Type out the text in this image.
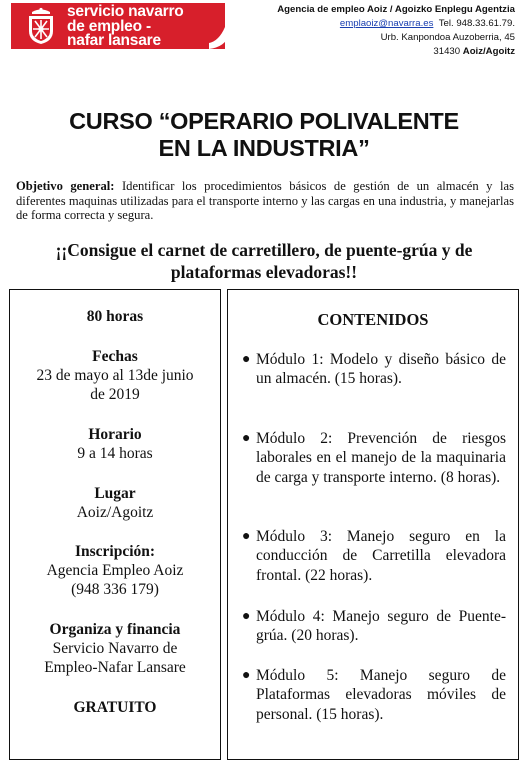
servicio navarro
de empleo -
nafar lansare
Agencia de empleo Aoiz / Agoizko Enplegu Agentzia
emplaoiz@navarra.es Tel. 948.33.61.79.
Urb. Kanpondoa Auzoberria, 45
31430 Aoiz/Agoitz
CURSO “OPERARIO POLIVALENTE
EN LA INDUSTRIA”
Objetivo general: Identificar los procedimientos básicos de gestión de un almacén y las diferentes maquinas utilizadas para el transporte interno y las cargas en una industria, y manejarlas de forma correcta y segura.
¡¡Consigue el carnet de carretillero, de puente-grúa y de
plataformas elevadoras!!
80 horas
Fechas
23 de mayo al 13de junio
de 2019
Horario
9 a 14 horas
Lugar
Aoiz/Agoitz
Inscripción:
Agencia Empleo Aoiz
(948 336 179)
Organiza y financia
Servicio Navarro de
Empleo-Nafar Lansare
GRATUITO
CONTENIDOS
● Módulo 1: Modelo y diseño básico de un almacén. (15 horas).
● Módulo 2: Prevención de riesgos laborales en el manejo de la maquinaria de carga y transporte interno. (8 horas).
● Módulo 3: Manejo seguro en la conducción de Carretilla elevadora frontal. (22 horas).
● Módulo 4: Manejo seguro de Puente-grúa. (20 horas).
● Módulo 5: Manejo seguro de Plataformas elevadoras móviles de personal. (15 horas).
